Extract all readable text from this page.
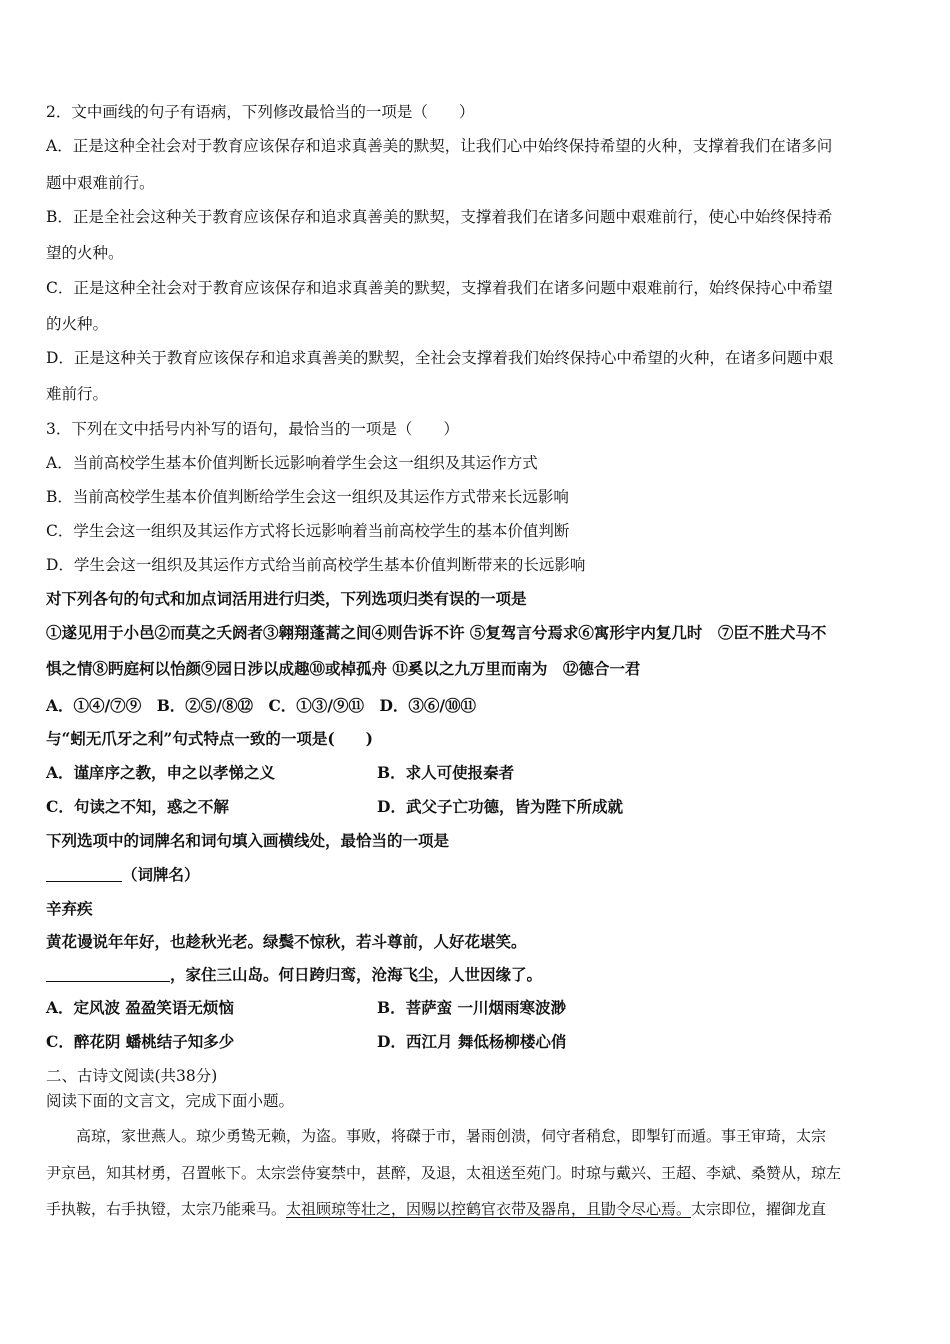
2．文中画线的句子有语病，下列修改最恰当的一项是（　　）
A．正是这种全社会对于教育应该保存和追求真善美的默契，让我们心中始终保持希望的火种，支撑着我们在诸多问
题中艰难前行。
B．正是全社会这种关于教育应该保存和追求真善美的默契，支撑着我们在诸多问题中艰难前行，使心中始终保持希
望的火种。
C．正是这种全社会对于教育应该保存和追求真善美的默契，支撑着我们在诸多问题中艰难前行，始终保持心中希望
的火种。
D．正是这种关于教育应该保存和追求真善美的默契，全社会支撑着我们始终保持心中希望的火种，在诸多问题中艰
难前行。
3．下列在文中括号内补写的语句，最恰当的一项是（　　）
A．当前高校学生基本价值判断长远影响着学生会这一组织及其运作方式
B．当前高校学生基本价值判断给学生会这一组织及其运作方式带来长远影响
C．学生会这一组织及其运作方式将长远影响着当前高校学生的基本价值判断
D．学生会这一组织及其运作方式给当前高校学生基本价值判断带来的长远影响
对下列各句的句式和加点词活用进行归类，下列选项归类有误的一项是
①遂见用于小邑②而莫之夭阏者③翱翔蓬蒿之间④则告诉不许 ⑤复驾言兮焉求⑥寓形宇内复几时　⑦臣不胜犬马不
惧之情⑧眄庭柯以怡颜⑨园日涉以成趣⑩或棹孤舟 ⑪奚以之九万里而南为　⑫德合一君
A．①④/⑦⑨　B．②⑤/⑧⑫　C．①③/⑨⑪　D．③⑥/⑩⑪
与“蚓无爪牙之利”句式特点一致的一项是(　　)
A．谨庠序之教，申之以孝悌之义	B．求人可使报秦者
C．句读之不知，惑之不解	D．武父子亡功德，皆为陛下所成就
下列选项中的词牌名和词句填入画横线处，最恰当的一项是
（词牌名）
辛弃疾
黄花谩说年年好，也趁秋光老。绿鬓不惊秋，若斗尊前，人好花堪笑。
，家住三山岛。何日跨归鸾，沧海飞尘，人世因缘了。
A．定风波 盈盈笑语无烦恼	B．菩萨蛮 一川烟雨寒波渺
C．醉花阴 蟠桃结子知多少	D．西江月 舞低杨柳楼心俏
二、古诗文阅读(共38分)
阅读下面的文言文，完成下面小题。
　　高琼，家世燕人。琼少勇鸷无赖，为盗。事败，将磔于市，暑雨创溃，伺守者稍怠，即掣钉而遁。事王审琦，太宗
尹京邑，知其材勇，召置帐下。太宗尝侍宴禁中，甚醉，及退，太祖送至苑门。时琼与戴兴、王超、李斌、桑赞从，琼左
手执鞍，右手执镫，太宗乃能乘马。太祖顾琼等壮之，因赐以控鹤官衣带及器帛，且勖令尽心焉。太宗即位，擢御龙直
